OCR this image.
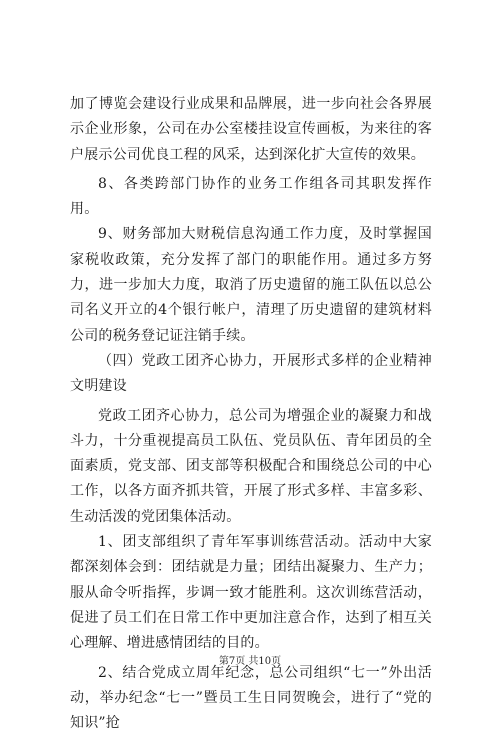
加了博览会建设行业成果和品牌展，进一步向社会各界展示企业形象，公司在办公室楼挂设宣传画板，为来往的客户展示公司优良工程的风采，达到深化扩大宣传的效果。

8、各类跨部门协作的业务工作组各司其职发挥作用。

9、财务部加大财税信息沟通工作力度，及时掌握国家税收政策，充分发挥了部门的职能作用。通过多方努力，进一步加大力度，取消了历史遗留的施工队伍以总公司名义开立的4个银行帐户，清理了历史遗留的建筑材料公司的税务登记证注销手续。

（四）党政工团齐心协力，开展形式多样的企业精神文明建设

党政工团齐心协力，总公司为增强企业的凝聚力和战斗力，十分重视提高员工队伍、党员队伍、青年团员的全面素质，党支部、团支部等积极配合和围绕总公司的中心工作，以各方面齐抓共管，开展了形式多样、丰富多彩、生动活泼的党团集体活动。

1、团支部组织了青年军事训练营活动。活动中大家都深刻体会到：团结就是力量；团结出凝聚力、生产力；服从命令听指挥，步调一致才能胜利。这次训练营活动，促进了员工们在日常工作中更加注意合作，达到了相互关心理解、增进感情团结的目的。

2、结合党成立周年纪念，总公司组织“七一”外出活动，举办纪念“七一”暨员工生日同贺晚会，进行了“党的知识”抢

第7页 共10页
